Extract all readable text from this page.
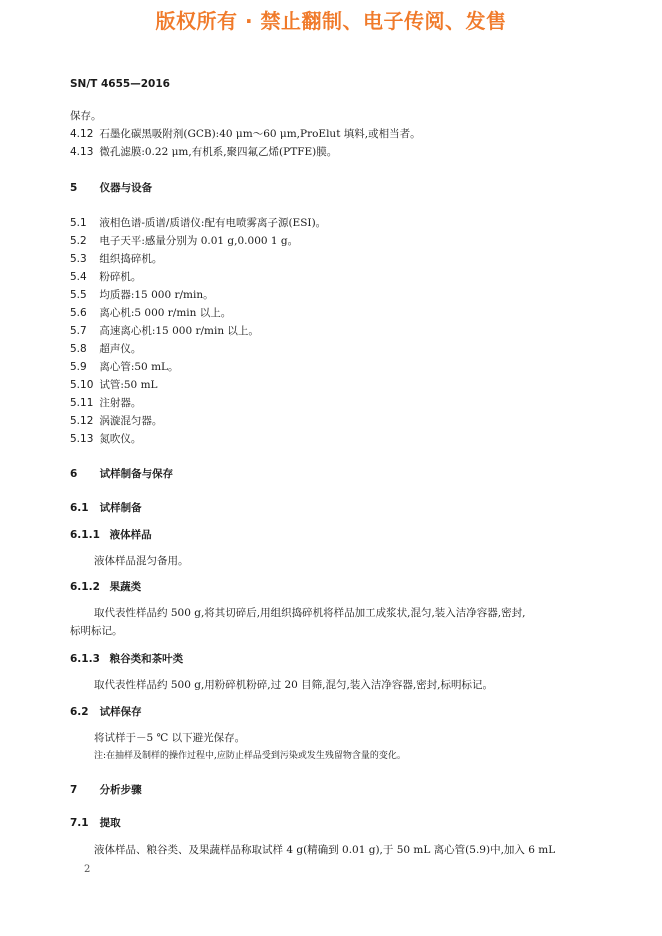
版权所有 · 禁止翻制、电子传阅、发售
SN/T 4655—2016
保存。
4.12 石墨化碳黑吸附剂(GCB):40 μm～60 μm,ProElut 填料,或相当者。
4.13 微孔滤膜:0.22 μm,有机系,聚四氟乙烯(PTFE)膜。
5 仪器与设备
5.1 液相色谱-质谱/质谱仪:配有电喷雾离子源(ESI)。
5.2 电子天平:感量分别为 0.01 g,0.000 1 g。
5.3 组织捣碎机。
5.4 粉碎机。
5.5 均质器:15 000 r/min。
5.6 离心机:5 000 r/min 以上。
5.7 高速离心机:15 000 r/min 以上。
5.8 超声仪。
5.9 离心管:50 mL。
5.10 试管:50 mL
5.11 注射器。
5.12 涡漩混匀器。
5.13 氮吹仪。
6 试样制备与保存
6.1 试样制备
6.1.1 液体样品
液体样品混匀备用。
6.1.2 果蔬类
取代表性样品约 500 g,将其切碎后,用组织捣碎机将样品加工成浆状,混匀,装入洁净容器,密封,
标明标记。
6.1.3 粮谷类和茶叶类
取代表性样品约 500 g,用粉碎机粉碎,过 20 目筛,混匀,装入洁净容器,密封,标明标记。
6.2 试样保存
将试样于－5 ℃ 以下避光保存。
注:在抽样及制样的操作过程中,应防止样品受到污染或发生残留物含量的变化。
7 分析步骤
7.1 提取
液体样品、粮谷类、及果蔬样品称取试样 4 g(精确到 0.01 g),于 50 mL 离心管(5.9)中,加入 6 mL
2
